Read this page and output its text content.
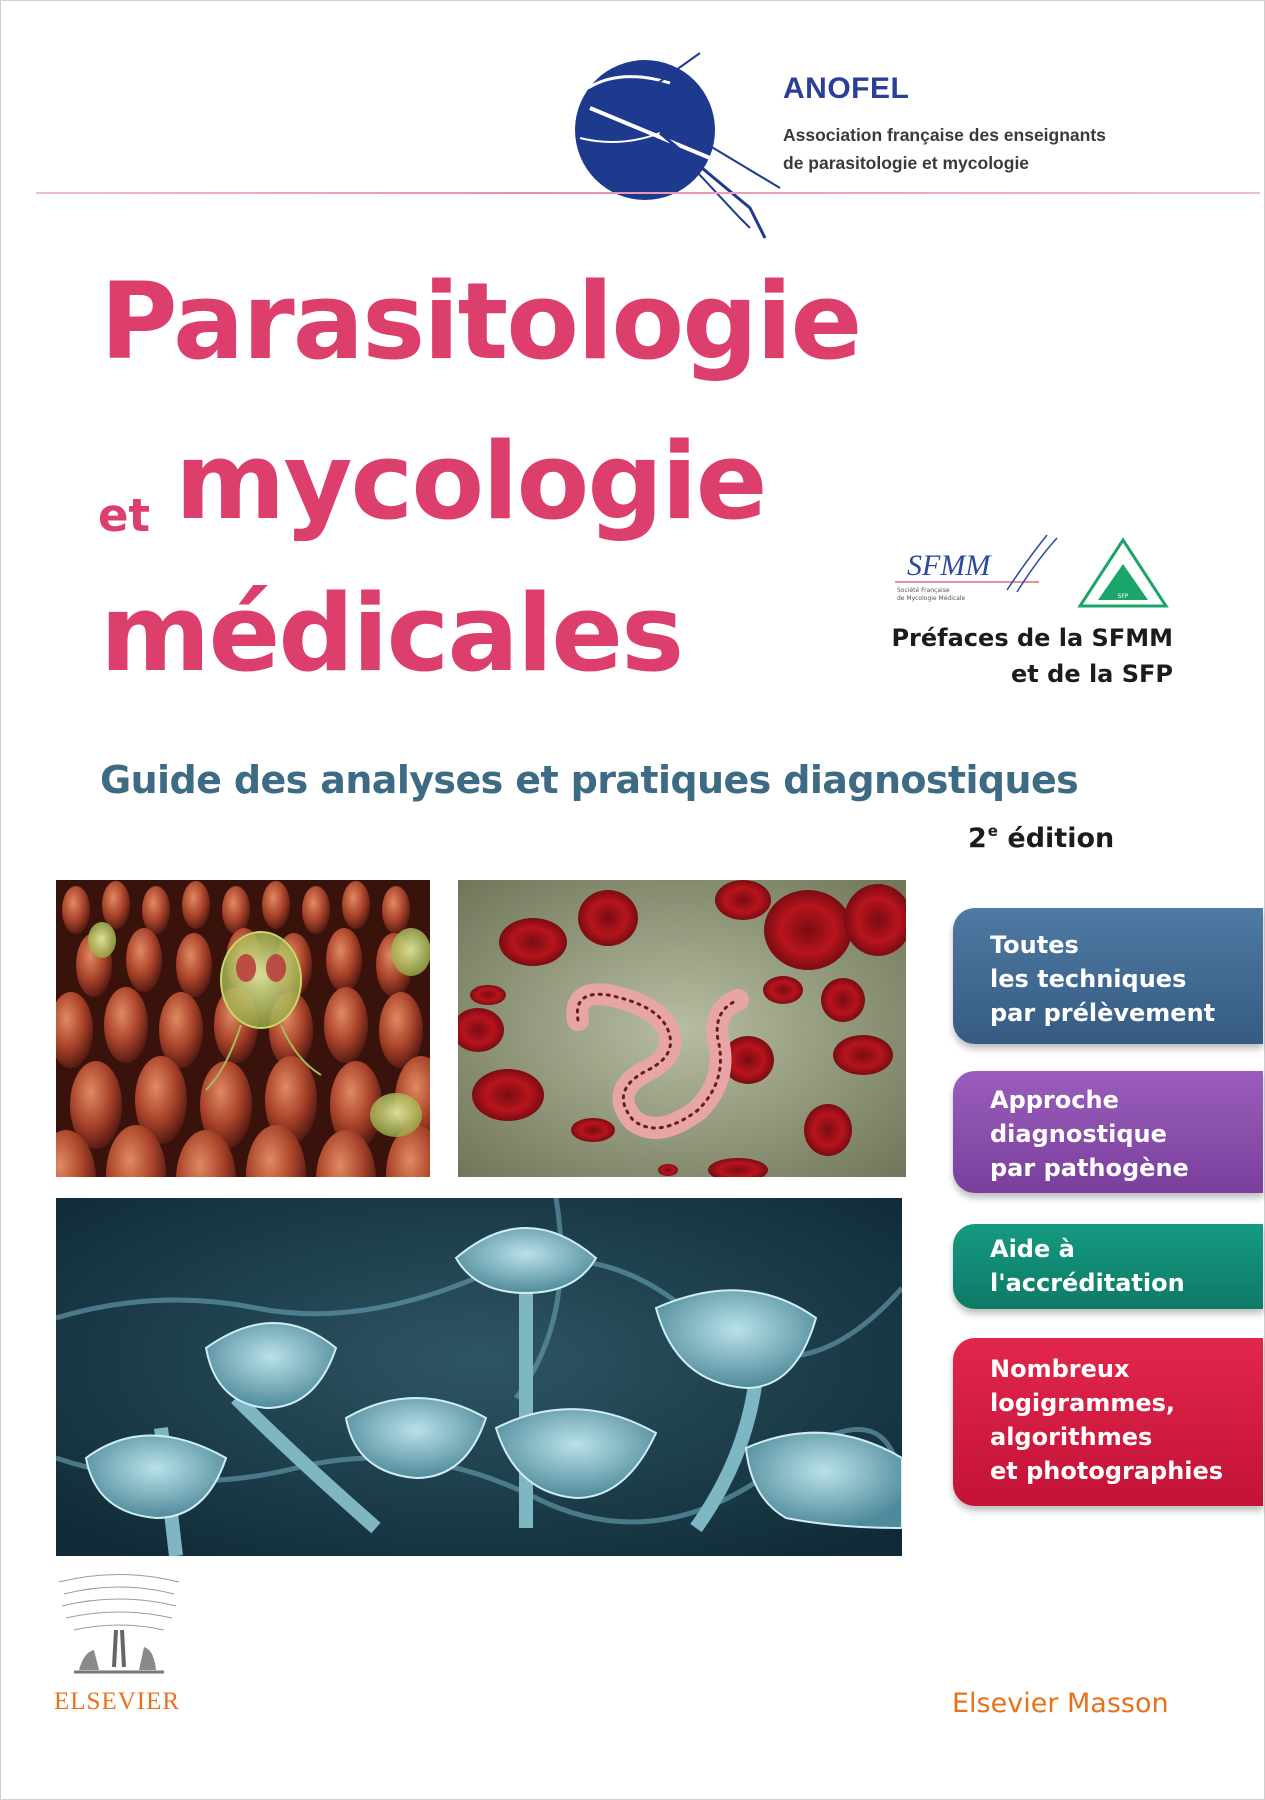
ANOFEL
Association française des enseignants
de parasitologie et mycologie
Parasitologie
et mycologie
médicales
SFMM
Société Française
de Mycologie Médicale	SFP
Préfaces de la SFMM
et de la SFP
Guide des analyses et pratiques diagnostiques
2e édition
Toutes
les techniques
par prélèvement
Approche
diagnostique
par pathogène
Aide à
l'accréditation
Nombreux
logigrammes,
algorithmes
et photographies
ELSEVIER	Elsevier Masson
